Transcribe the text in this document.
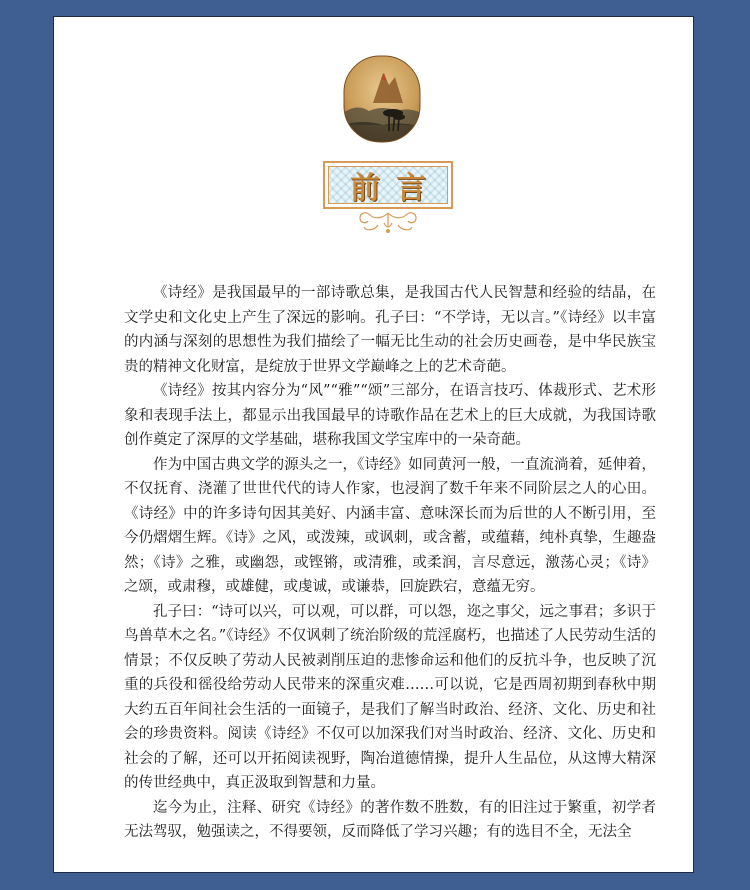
前言

《诗经》是我国最早的一部诗歌总集，是我国古代人民智慧和经验的结晶，在文学史和文化史上产生了深远的影响。孔子曰：“不学诗，无以言。”《诗经》以丰富的内涵与深刻的思想性为我们描绘了一幅无比生动的社会历史画卷，是中华民族宝贵的精神文化财富，是绽放于世界文学巅峰之上的艺术奇葩。

《诗经》按其内容分为“风”“雅”“颂”三部分，在语言技巧、体裁形式、艺术形象和表现手法上，都显示出我国最早的诗歌作品在艺术上的巨大成就，为我国诗歌创作奠定了深厚的文学基础，堪称我国文学宝库中的一朵奇葩。

作为中国古典文学的源头之一，《诗经》如同黄河一般，一直流淌着，延伸着，不仅抚育、浇灌了世世代代的诗人作家，也浸润了数千年来不同阶层之人的心田。《诗经》中的许多诗句因其美好、内涵丰富、意味深长而为后世的人不断引用，至今仍熠熠生辉。《诗》之风，或泼辣，或讽刺，或含蓄，或蕴藉，纯朴真挚，生趣盎然；《诗》之雅，或幽怨，或铿锵，或清雅，或柔润，言尽意远，激荡心灵；《诗》之颂，或肃穆，或雄健，或虔诚，或谦恭，回旋跌宕，意蕴无穷。

孔子曰：“诗可以兴，可以观，可以群，可以怨，迩之事父，远之事君；多识于鸟兽草木之名。”《诗经》不仅讽刺了统治阶级的荒淫腐朽，也描述了人民劳动生活的情景；不仅反映了劳动人民被剥削压迫的悲惨命运和他们的反抗斗争，也反映了沉重的兵役和徭役给劳动人民带来的深重灾难……可以说，它是西周初期到春秋中期大约五百年间社会生活的一面镜子，是我们了解当时政治、经济、文化、历史和社会的珍贵资料。阅读《诗经》不仅可以加深我们对当时政治、经济、文化、历史和社会的了解，还可以开拓阅读视野，陶冶道德情操，提升人生品位，从这博大精深的传世经典中，真正汲取到智慧和力量。

迄今为止，注释、研究《诗经》的著作数不胜数，有的旧注过于繁重，初学者无法驾驭，勉强读之，不得要领，反而降低了学习兴趣；有的选目不全，无法全
